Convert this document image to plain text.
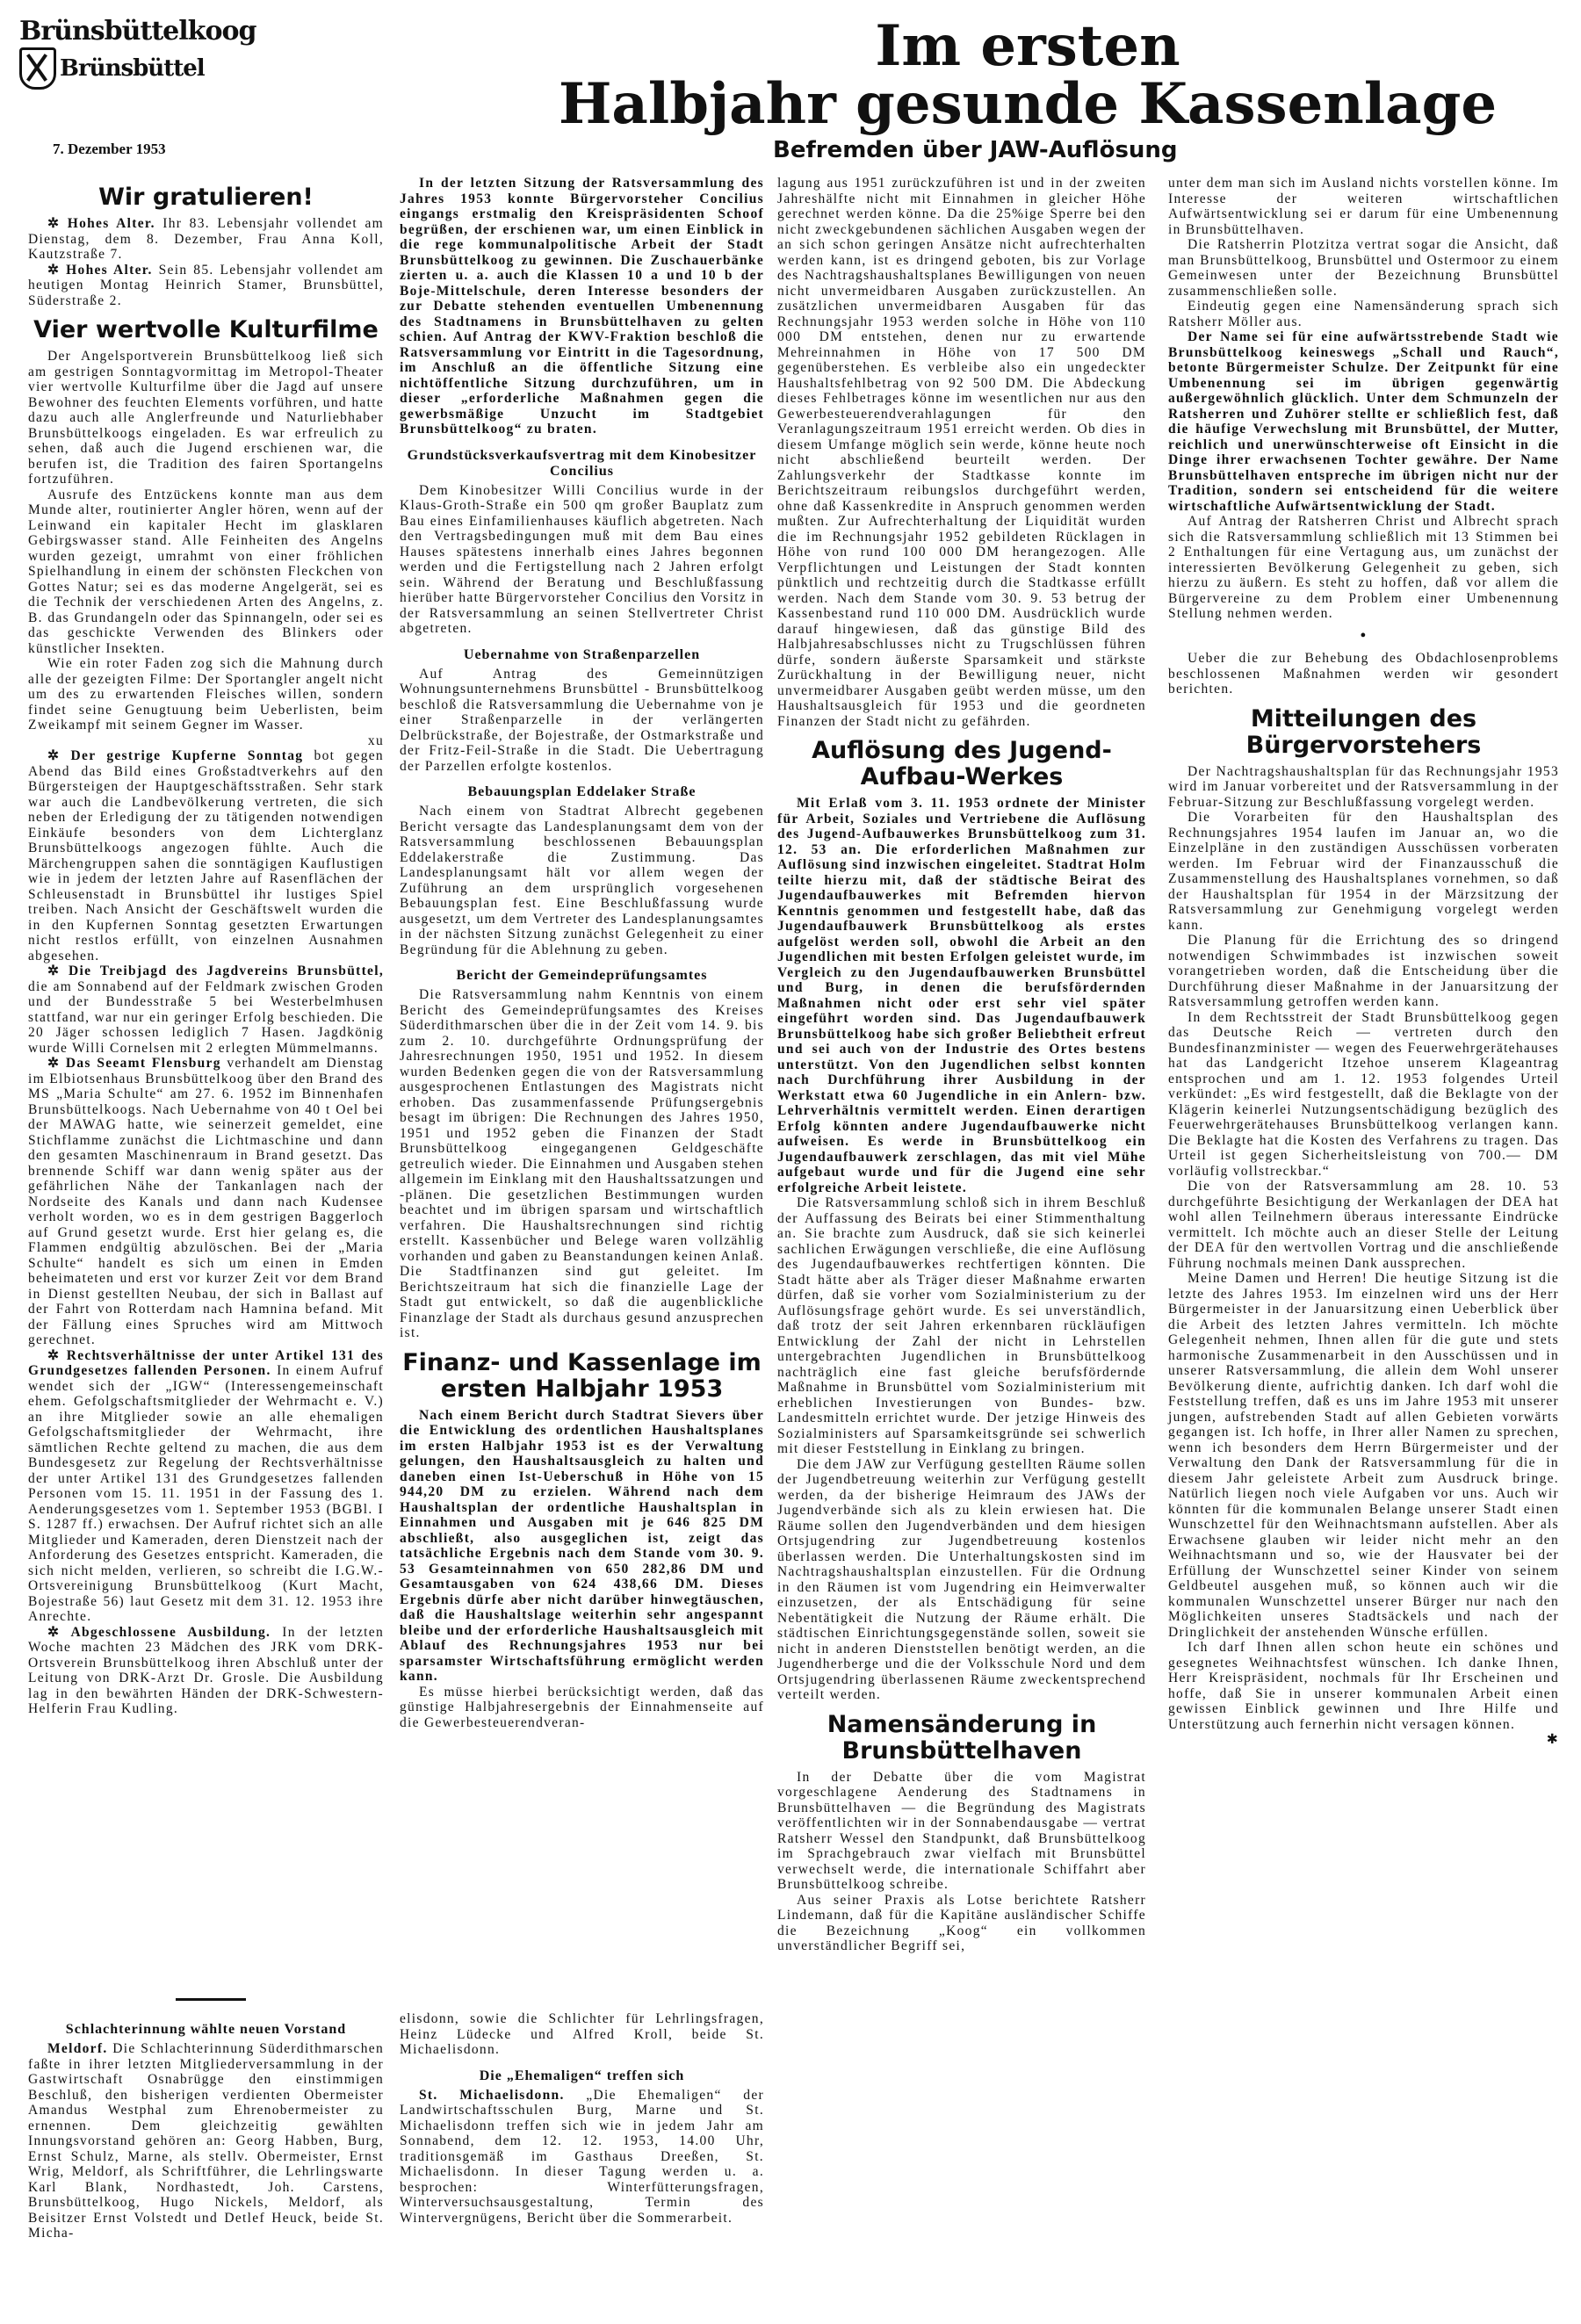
Brünsbüttelkoog
Brünsbüttel
7. Dezember 1953
Im ersten
Halbjahr gesunde Kassenlage
Befremden über JAW-Auflösung
Wir gratulieren!

✲ Hohes Alter. Ihr 83. Lebensjahr vollendet am Dienstag, dem 8. Dezember, Frau Anna Koll, Kautzstraße 7.

✲ Hohes Alter. Sein 85. Lebensjahr vollendet am heutigen Montag Heinrich Stamer, Brunsbüttel, Süderstraße 2.

Vier wertvolle Kulturfilme

Der Angelsportverein Brunsbüttelkoog ließ sich am gestrigen Sonntagvormittag im Metropol-Theater vier wertvolle Kulturfilme über die Jagd auf unsere Bewohner des feuchten Elements vorführen, und hatte dazu auch alle Anglerfreunde und Naturliebhaber Brunsbüttelkoogs eingeladen. Es war erfreulich zu sehen, daß auch die Jugend erschienen war, die berufen ist, die Tradition des fairen Sportangelns fortzuführen.

Ausrufe des Entzückens konnte man aus dem Munde alter, routinierter Angler hören, wenn auf der Leinwand ein kapitaler Hecht im glasklaren Gebirgswasser stand. Alle Feinheiten des Angelns wurden gezeigt, umrahmt von einer fröhlichen Spielhandlung in einem der schönsten Fleckchen von Gottes Natur; sei es das moderne Angelgerät, sei es die Technik der verschiedenen Arten des Angelns, z. B. das Grundangeln oder das Spinnangeln, oder sei es das geschickte Verwenden des Blinkers oder künstlicher Insekten.

Wie ein roter Faden zog sich die Mahnung durch alle der gezeigten Filme: Der Sportangler angelt nicht um des zu erwartenden Fleisches willen, sondern findet seine Genugtuung beim Ueberlisten, beim Zweikampf mit seinem Gegner im Wasser.

xu

✲ Der gestrige Kupferne Sonntag bot gegen Abend das Bild eines Großstadtverkehrs auf den Bürgersteigen der Hauptgeschäftsstraßen. Sehr stark war auch die Landbevölkerung vertreten, die sich neben der Erledigung der zu tätigenden notwendigen Einkäufe besonders von dem Lichterglanz Brunsbüttelkoogs angezogen fühlte. Auch die Märchengruppen sahen die sonntägigen Kauflustigen wie in jedem der letzten Jahre auf Rasenflächen der Schleusenstadt in Brunsbüttel ihr lustiges Spiel treiben. Nach Ansicht der Geschäftswelt wurden die in den Kupfernen Sonntag gesetzten Erwartungen nicht restlos erfüllt, von einzelnen Ausnahmen abgesehen.

✲ Die Treibjagd des Jagdvereins Brunsbüttel, die am Sonnabend auf der Feldmark zwischen Groden und der Bundesstraße 5 bei Westerbelmhusen stattfand, war nur ein geringer Erfolg beschieden. Die 20 Jäger schossen lediglich 7 Hasen. Jagdkönig wurde Willi Cornelsen mit 2 erlegten Mümmelmanns.

✲ Das Seeamt Flensburg verhandelt am Dienstag im Elbiotsenhaus Brunsbüttelkoog über den Brand des MS „Maria Schulte“ am 27. 6. 1952 im Binnenhafen Brunsbüttelkoogs. Nach Uebernahme von 40 t Oel bei der MAWAG hatte, wie seinerzeit gemeldet, eine Stichflamme zunächst die Lichtmaschine und dann den gesamten Maschinenraum in Brand gesetzt. Das brennende Schiff war dann wenig später aus der gefährlichen Nähe der Tankanlagen nach der Nordseite des Kanals und dann nach Kudensee verholt worden, wo es in dem gestrigen Baggerloch auf Grund gesetzt wurde. Erst hier gelang es, die Flammen endgültig abzulöschen. Bei der „Maria Schulte“ handelt es sich um einen in Emden beheimateten und erst vor kurzer Zeit vor dem Brand in Dienst gestellten Neubau, der sich in Ballast auf der Fahrt von Rotterdam nach Hamnina befand. Mit der Fällung eines Spruches wird am Mittwoch gerechnet.

✲ Rechtsverhältnisse der unter Artikel 131 des Grundgesetzes fallenden Personen. In einem Aufruf wendet sich der „IGW“ (Interessengemeinschaft ehem. Gefolgschaftsmitglieder der Wehrmacht e. V.) an ihre Mitglieder sowie an alle ehemaligen Gefolgschaftsmitglieder der Wehrmacht, ihre sämtlichen Rechte geltend zu machen, die aus dem Bundesgesetz zur Regelung der Rechtsverhältnisse der unter Artikel 131 des Grundgesetzes fallenden Personen vom 15. 11. 1951 in der Fassung des 1. Aenderungsgesetzes vom 1. September 1953 (BGBl. I S. 1287 ff.) erwachsen. Der Aufruf richtet sich an alle Mitglieder und Kameraden, deren Dienstzeit nach der Anforderung des Gesetzes entspricht. Kameraden, die sich nicht melden, verlieren, so schreibt die I.G.W.-Ortsvereinigung Brunsbüttelkoog (Kurt Macht, Bojestraße 56) laut Gesetz mit dem 31. 12. 1953 ihre Anrechte.

✲ Abgeschlossene Ausbildung. In der letzten Woche machten 23 Mädchen des JRK vom DRK-Ortsverein Brunsbüttelkoog ihren Abschluß unter der Leitung von DRK-Arzt Dr. Grosle. Die Ausbildung lag in den bewährten Händen der DRK-Schwestern-Helferin Frau Kudling.

In der letzten Sitzung der Ratsversammlung des Jahres 1953 konnte Bürgervorsteher Concilius eingangs erstmalig den Kreispräsidenten Schoof begrüßen, der erschienen war, um einen Einblick in die rege kommunalpolitische Arbeit der Stadt Brunsbüttelkoog zu gewinnen. Die Zuschauerbänke zierten u. a. auch die Klassen 10 a und 10 b der Boje-Mittelschule, deren Interesse besonders der zur Debatte stehenden eventuellen Umbenennung des Stadtnamens in Brunsbüttelhaven zu gelten schien. Auf Antrag der KWV-Fraktion beschloß die Ratsversammlung vor Eintritt in die Tagesordnung, im Anschluß an die öffentliche Sitzung eine nichtöffentliche Sitzung durchzuführen, um in dieser „erforderliche Maßnahmen gegen die gewerbsmäßige Unzucht im Stadtgebiet Brunsbüttelkoog“ zu braten.

Grundstücksverkaufsvertrag mit dem Kinobesitzer Concilius

Dem Kinobesitzer Willi Concilius wurde in der Klaus-Groth-Straße ein 500 qm großer Bauplatz zum Bau eines Einfamilienhauses käuflich abgetreten. Nach den Vertragsbedingungen muß mit dem Bau eines Hauses spätestens innerhalb eines Jahres begonnen werden und die Fertigstellung nach 2 Jahren erfolgt sein. Während der Beratung und Beschlußfassung hierüber hatte Bürgervorsteher Concilius den Vorsitz in der Ratsversammlung an seinen Stellvertreter Christ abgetreten.

Uebernahme von Straßenparzellen

Auf Antrag des Gemeinnützigen Wohnungsunternehmens Brunsbüttel - Brunsbüttelkoog beschloß die Ratsversammlung die Uebernahme von je einer Straßenparzelle in der verlängerten Delbrückstraße, der Bojestraße, der Ostmarkstraße und der Fritz-Feil-Straße in die Stadt. Die Uebertragung der Parzellen erfolgte kostenlos.

Bebauungsplan Eddelaker Straße

Nach einem von Stadtrat Albrecht gegebenen Bericht versagte das Landesplanungsamt dem von der Ratsversammlung beschlossenen Bebauungsplan Eddelakerstraße die Zustimmung. Das Landesplanungsamt hält vor allem wegen der Zuführung an dem ursprünglich vorgesehenen Bebauungsplan fest. Eine Beschlußfassung wurde ausgesetzt, um dem Vertreter des Landesplanungsamtes in der nächsten Sitzung zunächst Gelegenheit zu einer Begründung für die Ablehnung zu geben.

Bericht der Gemeindeprüfungsamtes

Die Ratsversammlung nahm Kenntnis von einem Bericht des Gemeindeprüfungsamtes des Kreises Süderdithmarschen über die in der Zeit vom 14. 9. bis zum 2. 10. durchgeführte Ordnungsprüfung der Jahresrechnungen 1950, 1951 und 1952. In diesem wurden Bedenken gegen die von der Ratsversammlung ausgesprochenen Entlastungen des Magistrats nicht erhoben. Das zusammenfassende Prüfungsergebnis besagt im übrigen: Die Rechnungen des Jahres 1950, 1951 und 1952 geben die Finanzen der Stadt Brunsbüttelkoog eingegangenen Geldgeschäfte getreulich wieder. Die Einnahmen und Ausgaben stehen allgemein im Einklang mit den Haushaltssatzungen und -plänen. Die gesetzlichen Bestimmungen wurden beachtet und im übrigen sparsam und wirtschaftlich verfahren. Die Haushaltsrechnungen sind richtig erstellt. Kassenbücher und Belege waren vollzählig vorhanden und gaben zu Beanstandungen keinen Anlaß. Die Stadtfinanzen sind gut geleitet. Im Berichtszeitraum hat sich die finanzielle Lage der Stadt gut entwickelt, so daß die augenblickliche Finanzlage der Stadt als durchaus gesund anzusprechen ist.

Finanz- und Kassenlage im ersten Halbjahr 1953

Nach einem Bericht durch Stadtrat Sievers über die Entwicklung des ordentlichen Haushaltsplanes im ersten Halbjahr 1953 ist es der Verwaltung gelungen, den Haushaltsausgleich zu halten und daneben einen Ist-Ueberschuß in Höhe von 15 944,20 DM zu erzielen. Während nach dem Haushaltsplan der ordentliche Haushaltsplan in Einnahmen und Ausgaben mit je 646 825 DM abschließt, also ausgeglichen ist, zeigt das tatsächliche Ergebnis nach dem Stande vom 30. 9. 53 Gesamteinnahmen von 650 282,86 DM und Gesamtausgaben von 624 438,66 DM. Dieses Ergebnis dürfe aber nicht darüber hinwegtäuschen, daß die Haushaltslage weiterhin sehr angespannt bleibe und der erforderliche Haushaltsausgleich mit Ablauf des Rechnungsjahres 1953 nur bei sparsamster Wirtschaftsführung ermöglicht werden kann.

Es müsse hierbei berücksichtigt werden, daß das günstige Halbjahresergebnis der Einnahmenseite auf die Gewerbesteuerendveran-

lagung aus 1951 zurückzuführen ist und in der zweiten Jahreshälfte nicht mit Einnahmen in gleicher Höhe gerechnet werden könne. Da die 25%ige Sperre bei den nicht zweckgebundenen sächlichen Ausgaben wegen der an sich schon geringen Ansätze nicht aufrechterhalten werden kann, ist es dringend geboten, bis zur Vorlage des Nachtragshaushaltsplanes Bewilligungen von neuen nicht unvermeidbaren Ausgaben zurückzustellen. An zusätzlichen unvermeidbaren Ausgaben für das Rechnungsjahr 1953 werden solche in Höhe von 110 000 DM entstehen, denen nur zu erwartende Mehreinnahmen in Höhe von 17 500 DM gegenüberstehen. Es verbleibe also ein ungedeckter Haushaltsfehlbetrag von 92 500 DM. Die Abdeckung dieses Fehlbetrages könne im wesentlichen nur aus den Gewerbesteuerendverahlagungen für den Veranlagungszeitraum 1951 erreicht werden. Ob dies in diesem Umfange möglich sein werde, könne heute noch nicht abschließend beurteilt werden. Der Zahlungsverkehr der Stadtkasse konnte im Berichtszeitraum reibungslos durchgeführt werden, ohne daß Kassenkredite in Anspruch genommen werden mußten. Zur Aufrechterhaltung der Liquidität wurden die im Rechnungsjahr 1952 gebildeten Rücklagen in Höhe von rund 100 000 DM herangezogen. Alle Verpflichtungen und Leistungen der Stadt konnten pünktlich und rechtzeitig durch die Stadtkasse erfüllt werden. Nach dem Stande vom 30. 9. 53 betrug der Kassenbestand rund 110 000 DM. Ausdrücklich wurde darauf hingewiesen, daß das günstige Bild des Halbjahresabschlusses nicht zu Trugschlüssen führen dürfe, sondern äußerste Sparsamkeit und stärkste Zurückhaltung in der Bewilligung neuer, nicht unvermeidbarer Ausgaben geübt werden müsse, um den Haushaltsausgleich für 1953 und die geordneten Finanzen der Stadt nicht zu gefährden.

Auflösung des Jugend-Aufbau-Werkes

Mit Erlaß vom 3. 11. 1953 ordnete der Minister für Arbeit, Soziales und Vertriebene die Auflösung des Jugend-Aufbauwerkes Brunsbüttelkoog zum 31. 12. 53 an. Die erforderlichen Maßnahmen zur Auflösung sind inzwischen eingeleitet. Stadtrat Holm teilte hierzu mit, daß der städtische Beirat des Jugendaufbauwerkes mit Befremden hiervon Kenntnis genommen und festgestellt habe, daß das Jugendaufbauwerk Brunsbüttelkoog als erstes aufgelöst werden soll, obwohl die Arbeit an den Jugendlichen mit besten Erfolgen geleistet wurde, im Vergleich zu den Jugendaufbauwerken Brunsbüttel und Burg, in denen die berufsfördernden Maßnahmen nicht oder erst sehr viel später eingeführt worden sind. Das Jugendaufbauwerk Brunsbüttelkoog habe sich großer Beliebtheit erfreut und sei auch von der Industrie des Ortes bestens unterstützt. Von den Jugendlichen selbst konnten nach Durchführung ihrer Ausbildung in der Werkstatt etwa 60 Jugendliche in ein Anlern- bzw. Lehrverhältnis vermittelt werden. Einen derartigen Erfolg könnten andere Jugendaufbauwerke nicht aufweisen. Es werde in Brunsbüttelkoog ein Jugendaufbauwerk zerschlagen, das mit viel Mühe aufgebaut wurde und für die Jugend eine sehr erfolgreiche Arbeit leistete.

Die Ratsversammlung schloß sich in ihrem Beschluß der Auffassung des Beirats bei einer Stimmenthaltung an. Sie brachte zum Ausdruck, daß sie sich keinerlei sachlichen Erwägungen verschließe, die eine Auflösung des Jugendaufbauwerkes rechtfertigen könnten. Die Stadt hätte aber als Träger dieser Maßnahme erwarten dürfen, daß sie vorher vom Sozialministerium zu der Auflösungsfrage gehört wurde. Es sei unverständlich, daß trotz der seit Jahren erkennbaren rückläufigen Entwicklung der Zahl der nicht in Lehrstellen untergebrachten Jugendlichen in Brunsbüttelkoog nachträglich eine fast gleiche berufsfördernde Maßnahme in Brunsbüttel vom Sozialministerium mit erheblichen Investierungen von Bundes- bzw. Landesmitteln errichtet wurde. Der jetzige Hinweis des Sozialministers auf Sparsamkeitsgründe sei schwerlich mit dieser Feststellung in Einklang zu bringen.

Die dem JAW zur Verfügung gestellten Räume sollen der Jugendbetreuung weiterhin zur Verfügung gestellt werden, da der bisherige Heimraum des JAWs der Jugendverbände sich als zu klein erwiesen hat. Die Räume sollen den Jugendverbänden und dem hiesigen Ortsjugendring zur Jugendbetreuung kostenlos überlassen werden. Die Unterhaltungskosten sind im Nachtragshaushaltsplan einzustellen. Für die Ordnung in den Räumen ist vom Jugendring ein Heimverwalter einzusetzen, der als Entschädigung für seine Nebentätigkeit die Nutzung der Räume erhält. Die städtischen Einrichtungsgegenstände sollen, soweit sie nicht in anderen Dienststellen benötigt werden, an die Jugendherberge und die der Volksschule Nord und dem Ortsjugendring überlassenen Räume zweckentsprechend verteilt werden.

Namensänderung in Brunsbüttelhaven

In der Debatte über die vom Magistrat vorgeschlagene Aenderung des Stadtnamens in Brunsbüttelhaven — die Begründung des Magistrats veröffentlichten wir in der Sonnabendausgabe — vertrat Ratsherr Wessel den Standpunkt, daß Brunsbüttelkoog im Sprachgebrauch zwar vielfach mit Brunsbüttel verwechselt werde, die internationale Schiffahrt aber Brunsbüttelkoog schreibe.

Aus seiner Praxis als Lotse berichtete Ratsherr Lindemann, daß für die Kapitäne ausländischer Schiffe die Bezeichnung „Koog“ ein vollkommen unverständlicher Begriff sei,

unter dem man sich im Ausland nichts vorstellen könne. Im Interesse der weiteren wirtschaftlichen Aufwärtsentwicklung sei er darum für eine Umbenennung in Brunsbüttelhaven.

Die Ratsherrin Plotzitza vertrat sogar die Ansicht, daß man Brunsbüttelkoog, Brunsbüttel und Ostermoor zu einem Gemeinwesen unter der Bezeichnung Brunsbüttel zusammenschließen solle.

Eindeutig gegen eine Namensänderung sprach sich Ratsherr Möller aus.

Der Name sei für eine aufwärtsstrebende Stadt wie Brunsbüttelkoog keineswegs „Schall und Rauch“, betonte Bürgermeister Schulze. Der Zeitpunkt für eine Umbenennung sei im übrigen gegenwärtig außergewöhnlich glücklich. Unter dem Schmunzeln der Ratsherren und Zuhörer stellte er schließlich fest, daß die häufige Verwechslung mit Brunsbüttel, der Mutter, reichlich und unerwünschterweise oft Einsicht in die Dinge ihrer erwachsenen Tochter gewähre. Der Name Brunsbüttelhaven entspreche im übrigen nicht nur der Tradition, sondern sei entscheidend für die weitere wirtschaftliche Aufwärtsentwicklung der Stadt.

Auf Antrag der Ratsherren Christ und Albrecht sprach sich die Ratsversammlung schließlich mit 13 Stimmen bei 2 Enthaltungen für eine Vertagung aus, um zunächst der interessierten Bevölkerung Gelegenheit zu geben, sich hierzu zu äußern. Es steht zu hoffen, daß vor allem die Bürgervereine zu dem Problem einer Umbenennung Stellung nehmen werden.

•

Ueber die zur Behebung des Obdachlosenproblems beschlossenen Maßnahmen werden wir gesondert berichten.

Mitteilungen des Bürgervorstehers

Der Nachtragshaushaltsplan für das Rechnungsjahr 1953 wird im Januar vorbereitet und der Ratsversammlung in der Februar-Sitzung zur Beschlußfassung vorgelegt werden.

Die Vorarbeiten für den Haushaltsplan des Rechnungsjahres 1954 laufen im Januar an, wo die Einzelpläne in den zuständigen Ausschüssen vorberaten werden. Im Februar wird der Finanzausschuß die Zusammenstellung des Haushaltsplanes vornehmen, so daß der Haushaltsplan für 1954 in der Märzsitzung der Ratsversammlung zur Genehmigung vorgelegt werden kann.

Die Planung für die Errichtung des so dringend notwendigen Schwimmbades ist inzwischen soweit vorangetrieben worden, daß die Entscheidung über die Durchführung dieser Maßnahme in der Januarsitzung der Ratsversammlung getroffen werden kann.

In dem Rechtsstreit der Stadt Brunsbüttelkoog gegen das Deutsche Reich — vertreten durch den Bundesfinanzminister — wegen des Feuerwehrgerätehauses hat das Landgericht Itzehoe unserem Klageantrag entsprochen und am 1. 12. 1953 folgendes Urteil verkündet: „Es wird festgestellt, daß die Beklagte von der Klägerin keinerlei Nutzungsentschädigung bezüglich des Feuerwehrgerätehauses Brunsbüttelkoog verlangen kann. Die Beklagte hat die Kosten des Verfahrens zu tragen. Das Urteil ist gegen Sicherheitsleistung von 700.— DM vorläufig vollstreckbar.“

Die von der Ratsversammlung am 28. 10. 53 durchgeführte Besichtigung der Werkanlagen der DEA hat wohl allen Teilnehmern überaus interessante Eindrücke vermittelt. Ich möchte auch an dieser Stelle der Leitung der DEA für den wertvollen Vortrag und die anschließende Führung nochmals meinen Dank aussprechen.

Meine Damen und Herren! Die heutige Sitzung ist die letzte des Jahres 1953. Im einzelnen wird uns der Herr Bürgermeister in der Januarsitzung einen Ueberblick über die Arbeit des letzten Jahres vermitteln. Ich möchte Gelegenheit nehmen, Ihnen allen für die gute und stets harmonische Zusammenarbeit in den Ausschüssen und in unserer Ratsversammlung, die allein dem Wohl unserer Bevölkerung diente, aufrichtig danken. Ich darf wohl die Feststellung treffen, daß es uns im Jahre 1953 mit unserer jungen, aufstrebenden Stadt auf allen Gebieten vorwärts gegangen ist. Ich hoffe, in Ihrer aller Namen zu sprechen, wenn ich besonders dem Herrn Bürgermeister und der Verwaltung den Dank der Ratsversammlung für die in diesem Jahr geleistete Arbeit zum Ausdruck bringe. Natürlich liegen noch viele Aufgaben vor uns. Auch wir könnten für die kommunalen Belange unserer Stadt einen Wunschzettel für den Weihnachtsmann aufstellen. Aber als Erwachsene glauben wir leider nicht mehr an den Weihnachtsmann und so, wie der Hausvater bei der Erfüllung der Wunschzettel seiner Kinder von seinem Geldbeutel ausgehen muß, so können auch wir die kommunalen Wunschzettel unserer Bürger nur nach den Möglichkeiten unseres Stadtsäckels und nach der Dringlichkeit der anstehenden Wünsche erfüllen.

Ich darf Ihnen allen schon heute ein schönes und gesegnetes Weihnachtsfest wünschen. Ich danke Ihnen, Herr Kreispräsident, nochmals für Ihr Erscheinen und hoffe, daß Sie in unserer kommunalen Arbeit einen gewissen Einblick gewinnen und Ihre Hilfe und Unterstützung auch fernerhin nicht versagen können.

✱

Schlachterinnung wählte neuen Vorstand

Meldorf. Die Schlachterinnung Süderdithmarschen faßte in ihrer letzten Mitgliederversammlung in der Gastwirtschaft Osnabrügge den einstimmigen Beschluß, den bisherigen verdienten Obermeister Amandus Westphal zum Ehrenobermeister zu ernennen. Dem gleichzeitig gewählten Innungsvorstand gehören an: Georg Habben, Burg, Ernst Schulz, Marne, als stellv. Obermeister, Ernst Wrig, Meldorf, als Schriftführer, die Lehrlingswarte Karl Blank, Nordhastedt, Joh. Carstens, Brunsbüttelkoog, Hugo Nickels, Meldorf, als Beisitzer Ernst Volstedt und Detlef Heuck, beide St. Micha-

elisdonn, sowie die Schlichter für Lehrlingsfragen, Heinz Lüdecke und Alfred Kroll, beide St. Michaelisdonn.

Die „Ehemaligen“ treffen sich

St. Michaelisdonn. „Die Ehemaligen“ der Landwirtschaftsschulen Burg, Marne und St. Michaelisdonn treffen sich wie in jedem Jahr am Sonnabend, dem 12. 12. 1953, 14.00 Uhr, traditionsgemäß im Gasthaus Dreeßen, St. Michaelisdonn. In dieser Tagung werden u. a. besprochen: Winterfütterungsfragen, Winterversuchsausgestaltung, Termin des Wintervergnügens, Bericht über die Sommerarbeit.
